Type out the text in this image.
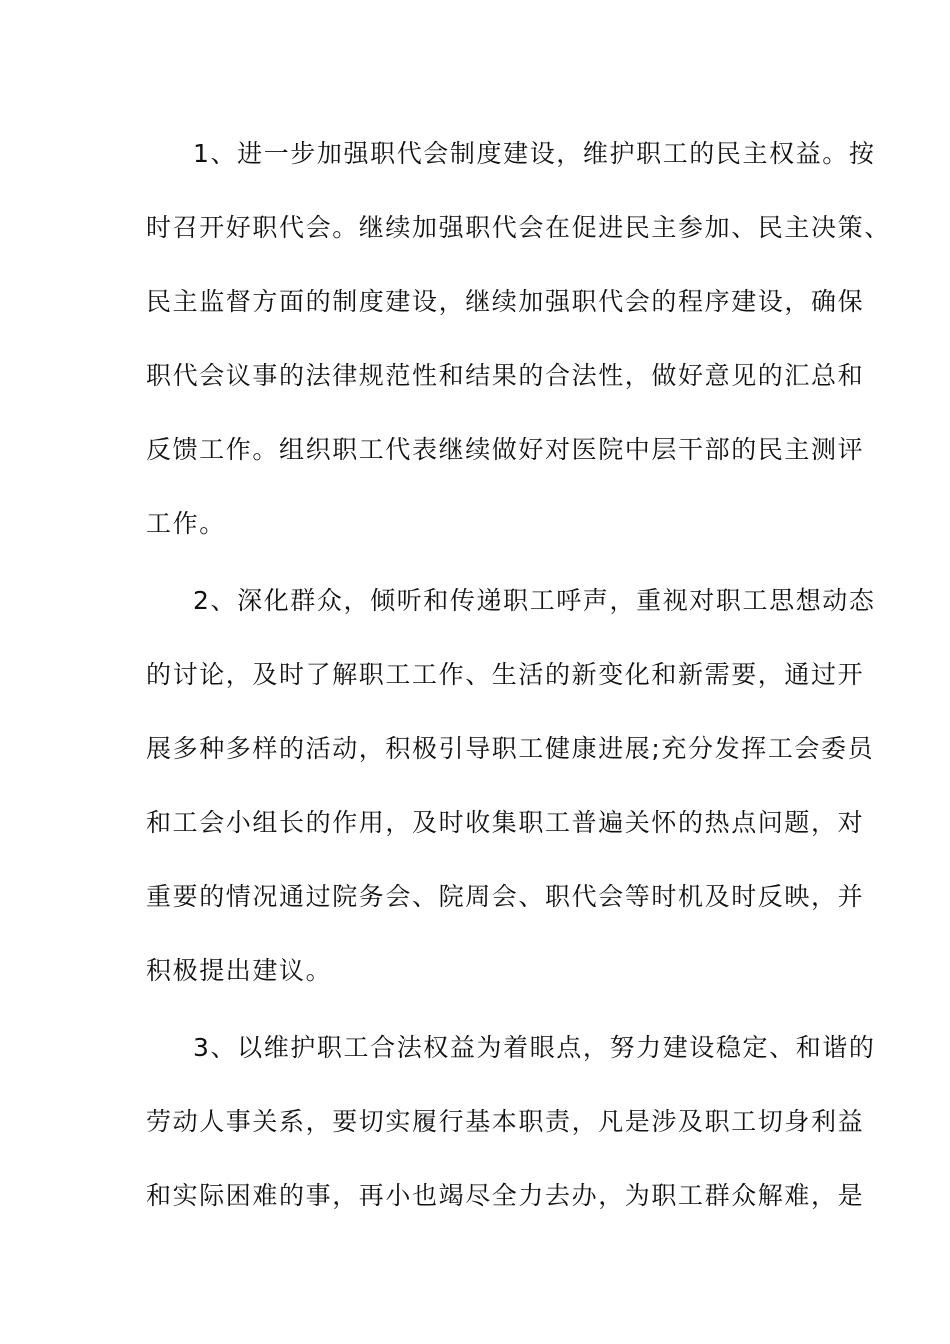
1、进一步加强职代会制度建设，维护职工的民主权益。按
时召开好职代会。继续加强职代会在促进民主参加、民主决策、
民主监督方面的制度建设，继续加强职代会的程序建设，确保
职代会议事的法律规范性和结果的合法性，做好意见的汇总和
反馈工作。组织职工代表继续做好对医院中层干部的民主测评
工作。
2、深化群众，倾听和传递职工呼声，重视对职工思想动态
的讨论，及时了解职工工作、生活的新变化和新需要，通过开
展多种多样的活动，积极引导职工健康进展;充分发挥工会委员
和工会小组长的作用，及时收集职工普遍关怀的热点问题，对
重要的情况通过院务会、院周会、职代会等时机及时反映，并
积极提出建议。
3、以维护职工合法权益为着眼点，努力建设稳定、和谐的
劳动人事关系，要切实履行基本职责，凡是涉及职工切身利益
和实际困难的事，再小也竭尽全力去办，为职工群众解难，是
